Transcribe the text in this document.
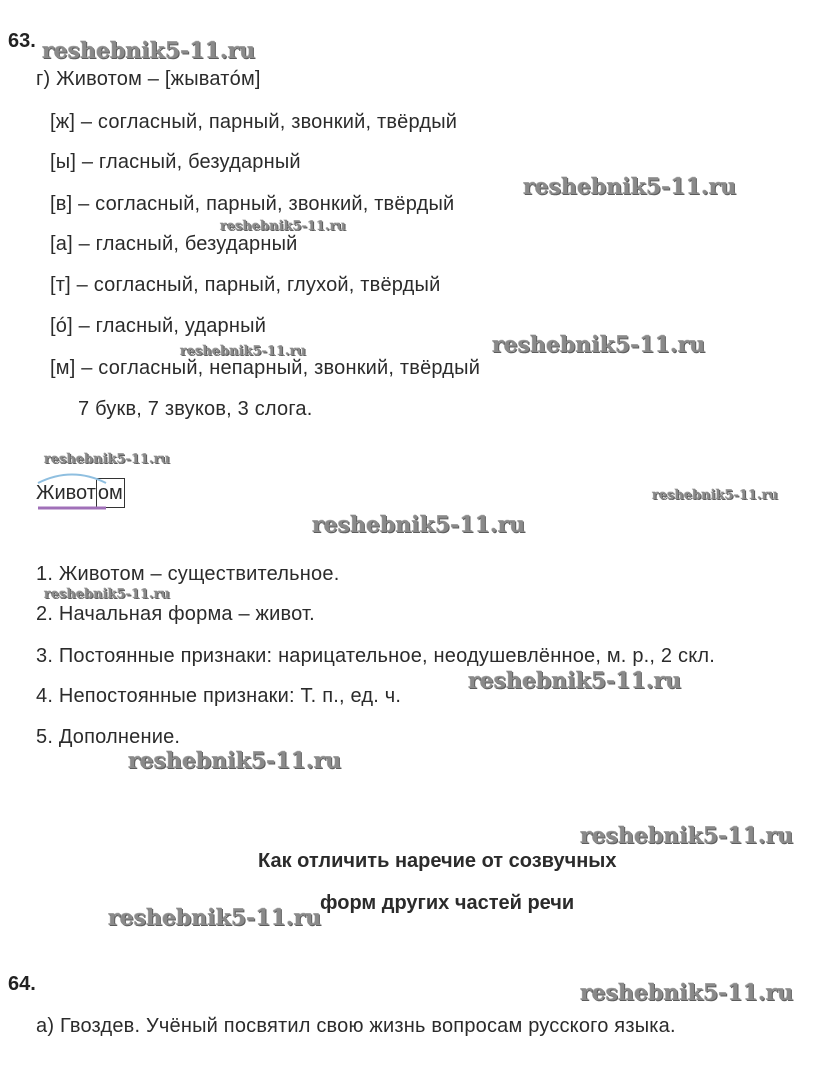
63.
г) Животом – [жыватóм]
[ж] – согласный, парный, звонкий, твёрдый
[ы] – гласный, безударный
[в] – согласный, парный, звонкий, твёрдый
[а] – гласный, безударный
[т] – согласный, парный, глухой, твёрдый
[ó] – гласный, ударный
[м] – согласный, непарный, звонкий, твёрдый
7 букв, 7 звуков, 3 слога.
Живот ом
1. Животом – существительное.
2. Начальная форма – живот.
3. Постоянные признаки: нарицательное, неодушевлённое, м. р., 2 скл.
4. Непостоянные признаки: Т. п., ед. ч.
5. Дополнение.
Как отличить наречие от созвучных
форм других частей речи
64.
а) Гвоздев. Учёный посвятил свою жизнь вопросам русского языка.
reshebnik5-11.ru
reshebnik5-11.ru
reshebnik5-11.ru
reshebnik5-11.ru	reshebnik5-11.ru
reshebnik5-11.ru
reshebnik5-11.ru
reshebnik5-11.ru
reshebnik5-11.ru
reshebnik5-11.ru
reshebnik5-11.ru
reshebnik5-11.ru
reshebnik5-11.ru
reshebnik5-11.ru
